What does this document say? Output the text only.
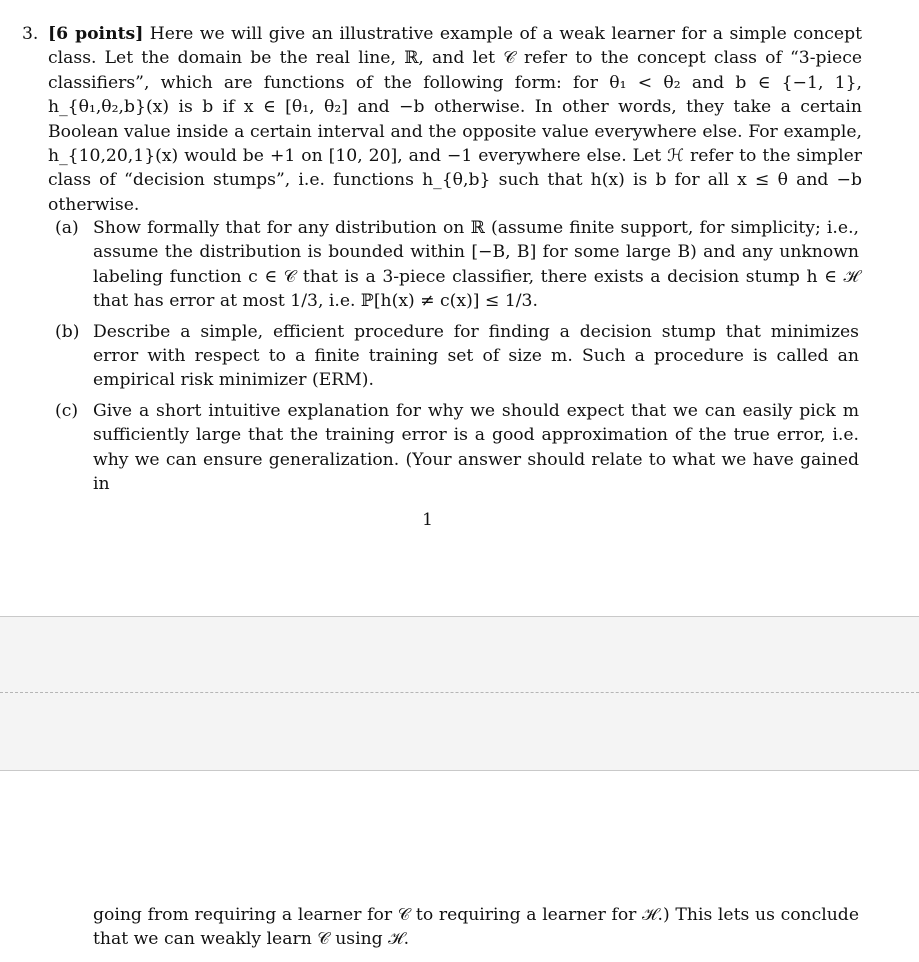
3. [6 points] Here we will give an illustrative example of a weak learner for a simple concept class. Let the domain be the real line, ℝ, and let 𝒞 refer to the concept class of “3-piece classifiers”, which are functions of the following form: for θ₁ < θ₂ and b ∈ {−1, 1}, h_{θ₁,θ₂,b}(x) is b if x ∈ [θ₁, θ₂] and −b otherwise. In other words, they take a certain Boolean value inside a certain interval and the opposite value everywhere else. For example, h_{10,20,1}(x) would be +1 on [10, 20], and −1 everywhere else. Let ℋ refer to the simpler class of “decision stumps”, i.e. functions h_{θ,b} such that h(x) is b for all x ≤ θ and −b otherwise.
(a) Show formally that for any distribution on ℝ (assume finite support, for simplicity; i.e., assume the distribution is bounded within [−B, B] for some large B) and any unknown labeling function c ∈ 𝒞 that is a 3-piece classifier, there exists a decision stump h ∈ ℋ that has error at most 1/3, i.e. ℙ[h(x) ≠ c(x)] ≤ 1/3.
(b) Describe a simple, efficient procedure for finding a decision stump that minimizes error with respect to a finite training set of size m. Such a procedure is called an empirical risk minimizer (ERM).
(c) Give a short intuitive explanation for why we should expect that we can easily pick m sufficiently large that the training error is a good approximation of the true error, i.e. why we can ensure generalization. (Your answer should relate to what we have gained in
1
going from requiring a learner for 𝒞 to requiring a learner for ℋ.) This lets us conclude that we can weakly learn 𝒞 using ℋ.
